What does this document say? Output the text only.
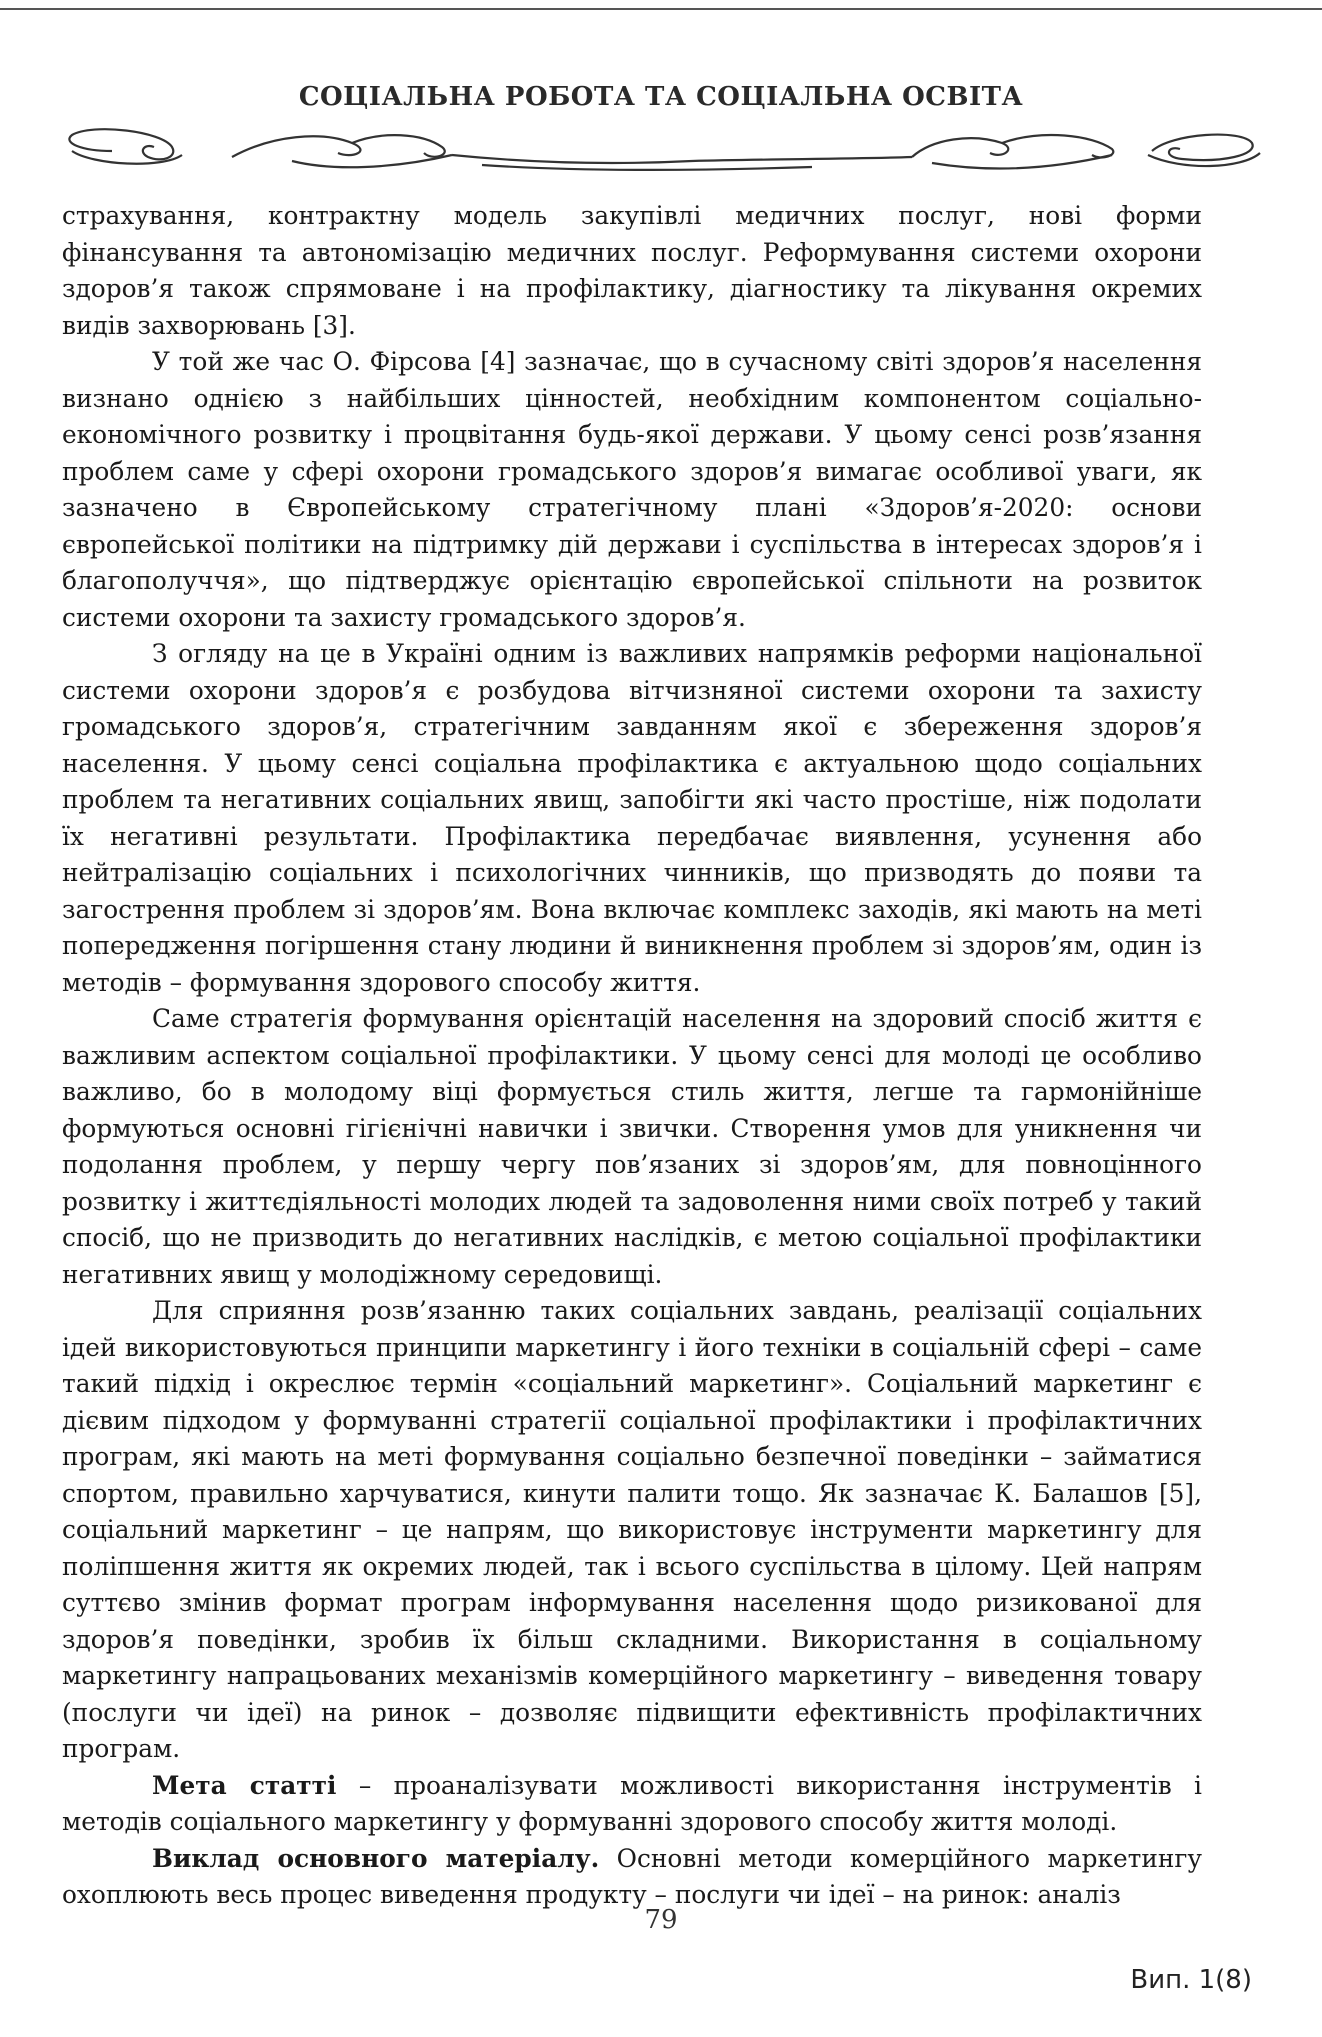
СОЦІАЛЬНА РОБОТА ТА СОЦІАЛЬНА ОСВІТА

страхування, контрактну модель закупівлі медичних послуг, нові форми фінансування та автономізацію медичних послуг. Реформування системи охорони здоров’я також спрямоване і на профілактику, діагностику та лікування окремих видів захворювань [3].

У той же час О. Фірсова [4] зазначає, що в сучасному світі здоров’я населення визнано однією з найбільших цінностей, необхідним компонентом соціально-економічного розвитку і процвітання будь-якої держави. У цьому сенсі розв’язання проблем саме у сфері охорони громадського здоров’я вимагає особливої уваги, як зазначено в Європейському стратегічному плані «Здоров’я-2020: основи європейської політики на підтримку дій держави і суспільства в інтересах здоров’я і благополуччя», що підтверджує орієнтацію європейської спільноти на розвиток системи охорони та захисту громадського здоров’я.

З огляду на це в Україні одним із важливих напрямків реформи національної системи охорони здоров’я є розбудова вітчизняної системи охорони та захисту громадського здоров’я, стратегічним завданням якої є збереження здоров’я населення. У цьому сенсі соціальна профілактика є актуальною щодо соціальних проблем та негативних соціальних явищ, запобігти які часто простіше, ніж подолати їх негативні результати. Профілактика передбачає виявлення, усунення або нейтралізацію соціальних і психологічних чинників, що призводять до появи та загострення проблем зі здоров’ям. Вона включає комплекс заходів, які мають на меті попередження погіршення стану людини й виникнення проблем зі здоров’ям, один із методів – формування здорового способу життя.

Саме стратегія формування орієнтацій населення на здоровий спосіб життя є важливим аспектом соціальної профілактики. У цьому сенсі для молоді це особливо важливо, бо в молодому віці формується стиль життя, легше та гармонійніше формуються основні гігієнічні навички і звички. Створення умов для уникнення чи подолання проблем, у першу чергу пов’язаних зі здоров’ям, для повноцінного розвитку і життєдіяльності молодих людей та задоволення ними своїх потреб у такий спосіб, що не призводить до негативних наслідків, є метою соціальної профілактики негативних явищ у молодіжному середовищі.

Для сприяння розв’язанню таких соціальних завдань, реалізації соціальних ідей використовуються принципи маркетингу і його техніки в соціальній сфері – саме такий підхід і окреслює термін «соціальний маркетинг». Соціальний маркетинг є дієвим підходом у формуванні стратегії соціальної профілактики і профілактичних програм, які мають на меті формування соціально безпечної поведінки – займатися спортом, правильно харчуватися, кинути палити тощо. Як зазначає К. Балашов [5], соціальний маркетинг – це напрям, що використовує інструменти маркетингу для поліпшення життя як окремих людей, так і всього суспільства в цілому. Цей напрям суттєво змінив формат програм інформування населення щодо ризикованої для здоров’я поведінки, зробив їх більш складними. Використання в соціальному маркетингу напрацьованих механізмів комерційного маркетингу – виведення товару (послуги чи ідеї) на ринок – дозволяє підвищити ефективність профілактичних програм.

Мета статті – проаналізувати можливості використання інструментів і методів соціального маркетингу у формуванні здорового способу життя молоді.

Виклад основного матеріалу. Основні методи комерційного маркетингу охоплюють весь процес виведення продукту – послуги чи ідеї – на ринок: аналіз

79
Вип. 1(8)
